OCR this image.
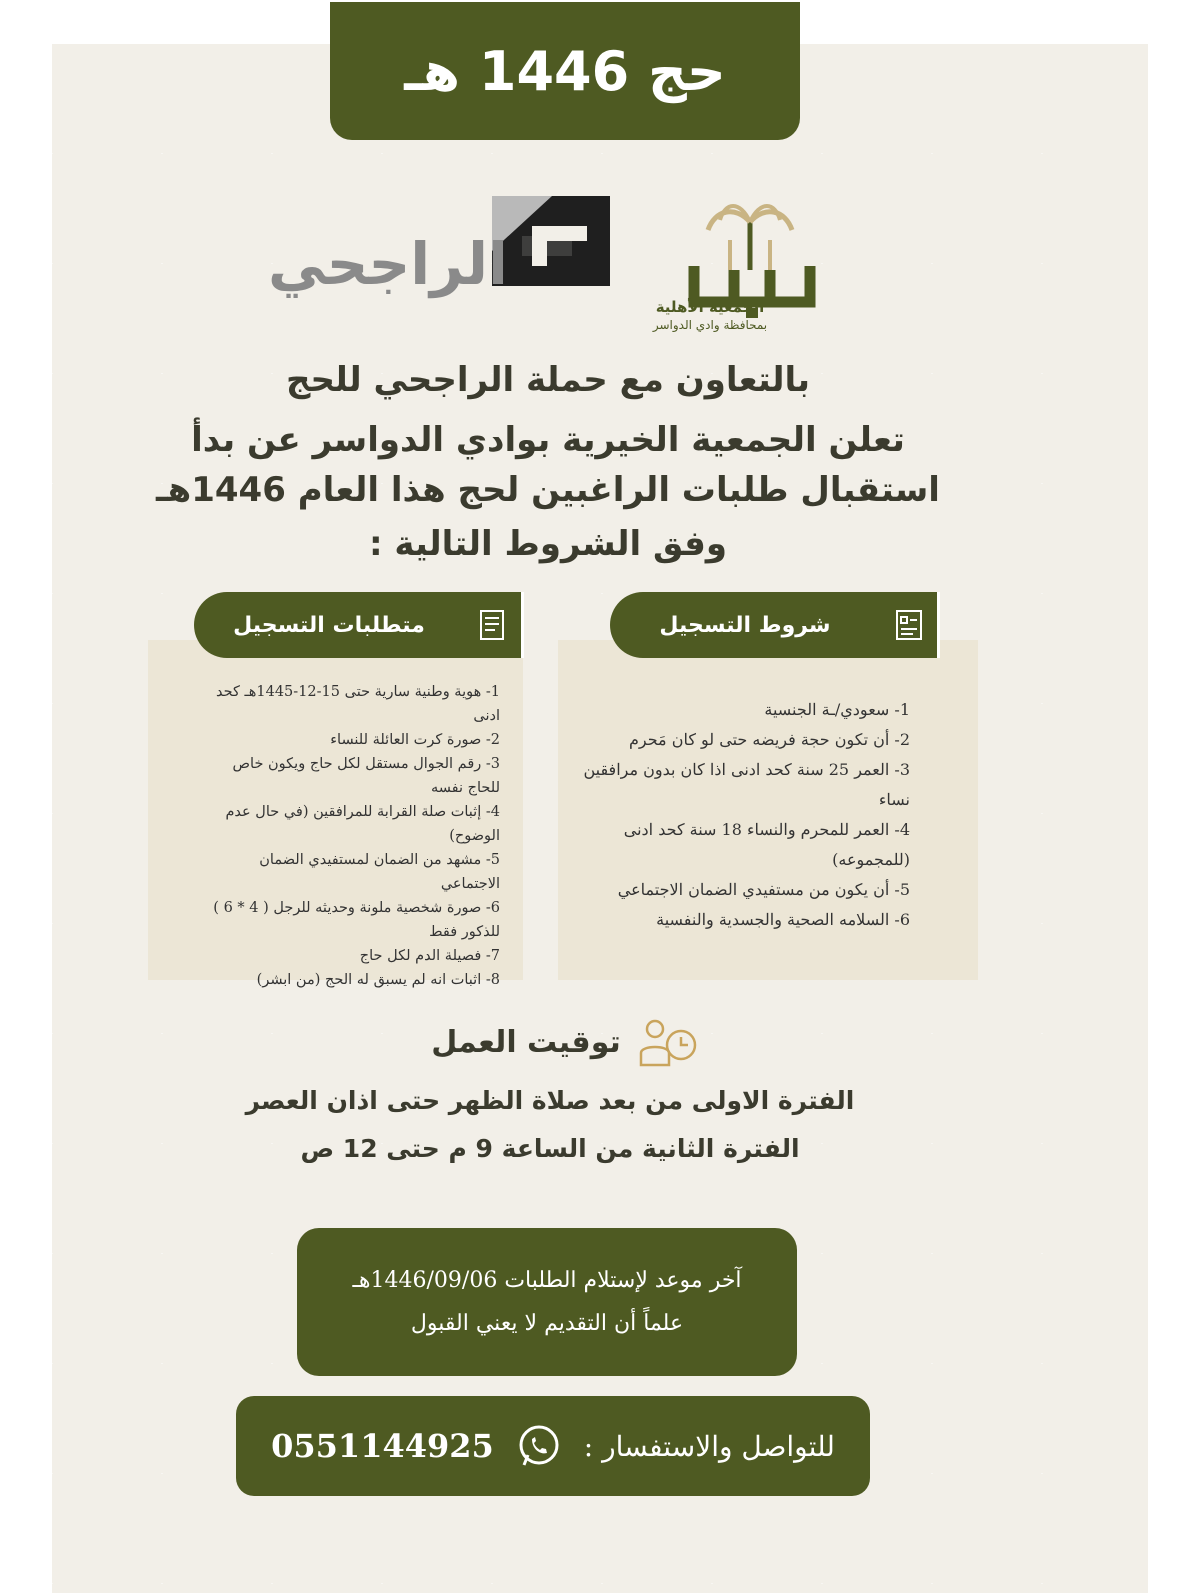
حج 1446 هـ
الجمعية الأهلية
بمحافظة وادي الدواسر
الراجحي
بالتعاون مع حملة الراجحي للحج
تعلن الجمعية الخيرية بوادي الدواسر عن بدأ
استقبال طلبات الراغبين لحج هذا العام 1446هـ
وفق الشروط التالية :
متطلبات التسجيل	شروط التسجيل
1- هوية وطنية سارية حتى 15-12-1445هـ كحد ادنى
2- صورة كرت العائلة للنساء
3- رقم الجوال مستقل لكل حاج ويكون خاص للحاج نفسه
4- إثبات صلة القرابة للمرافقين (في حال عدم الوضوح)
5- مشهد من الضمان لمستفيدي الضمان الاجتماعي
6- صورة شخصية ملونة وحديثه للرجل ( 4 * 6 ) للذكور فقط
7- فصيلة الدم لكل حاج
8- اثبات انه لم يسبق له الحج (من ابشر)
1- سعودي/ـة الجنسية
2- أن تكون حجة فريضه حتى لو كان مَحرم
3- العمر 25 سنة كحد ادنى اذا كان بدون مرافقين نساء
4- العمر للمحرم والنساء 18 سنة كحد ادنى (للمجموعه)
5- أن يكون من مستفيدي الضمان الاجتماعي
6- السلامه الصحية والجسدية والنفسية
توقيت العمل
الفترة الاولى من بعد صلاة الظهر حتى اذان العصر
الفترة الثانية من الساعة 9 م حتى 12 ص
آخر موعد لإستلام الطلبات 1446/09/06هـ
علماً أن التقديم لا يعني القبول
للتواصل والاستفسار :
0551144925
